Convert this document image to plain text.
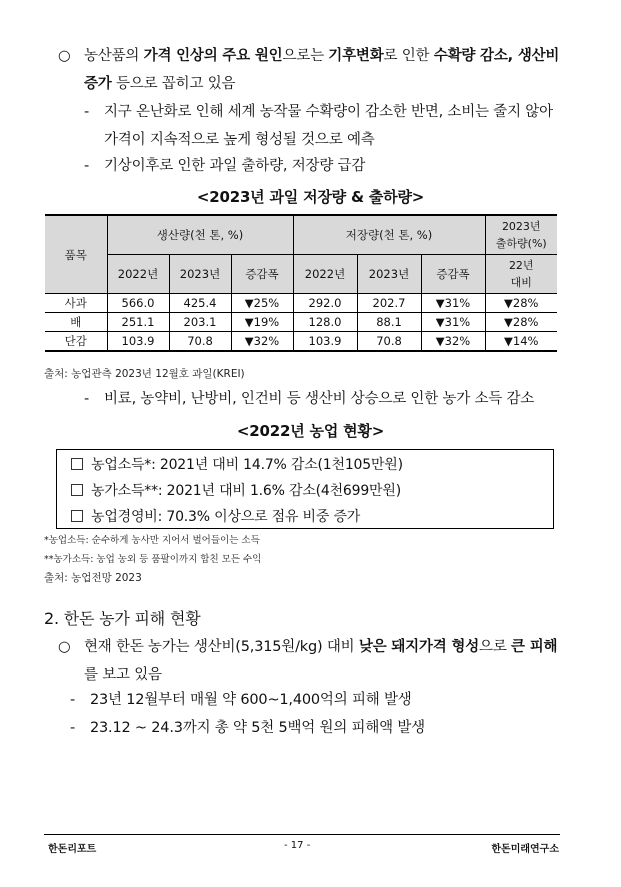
○ 농산품의 가격 인상의 주요 원인으로는 기후변화로 인한 수확량 감소, 생산비 증가 등으로 꼽히고 있음
-	지구 온난화로 인해 세계 농작물 수확량이 감소한 반면, 소비는 줄지 않아 가격이 지속적으로 높게 형성될 것으로 예측
-	기상이후로 인한 과일 출하량, 저장량 급감
<2023년 과일 저장량 & 출하량>
품목	생산량(천 톤, %)			저장량(천 톤, %)			2023년
출하량(%)
	2022년	2023년	증감폭	2022년	2023년	증감폭	22년
대비
사과	566.0	425.4	▼25%	292.0	202.7	▼31%	▼28%
배	251.1	203.1	▼19%	128.0	88.1	▼31%	▼28%
단감	103.9	70.8	▼32%	103.9	70.8	▼32%	▼14%
출처: 농업관측 2023년 12월호 과일(KREI)
-	비료, 농약비, 난방비, 인건비 등 생산비 상승으로 인한 농가 소득 감소
<2022년 농업 현황>
농업소득*: 2021년 대비 14.7% 감소(1천105만원)
농가소득**: 2021년 대비 1.6% 감소(4천699만원)
농업경영비: 70.3% 이상으로 점유 비중 증가
*농업소득: 순수하게 농사만 지어서 벌어들이는 소득
**농가소득: 농업 농외 등 품팔이까지 합친 모든 수익
출처: 농업전망 2023
2. 한돈 농가 피해 현황
○ 현재 한돈 농가는 생산비(5,315원/kg) 대비 낮은 돼지가격 형성으로 큰 피해를 보고 있음
-	23년 12월부터 매월 약 600~1,400억의 피해 발생
-	23.12 ~ 24.3까지 총 약 5천 5백억 원의 피해액 발생
한돈리포트	- 17 -	한돈미래연구소
